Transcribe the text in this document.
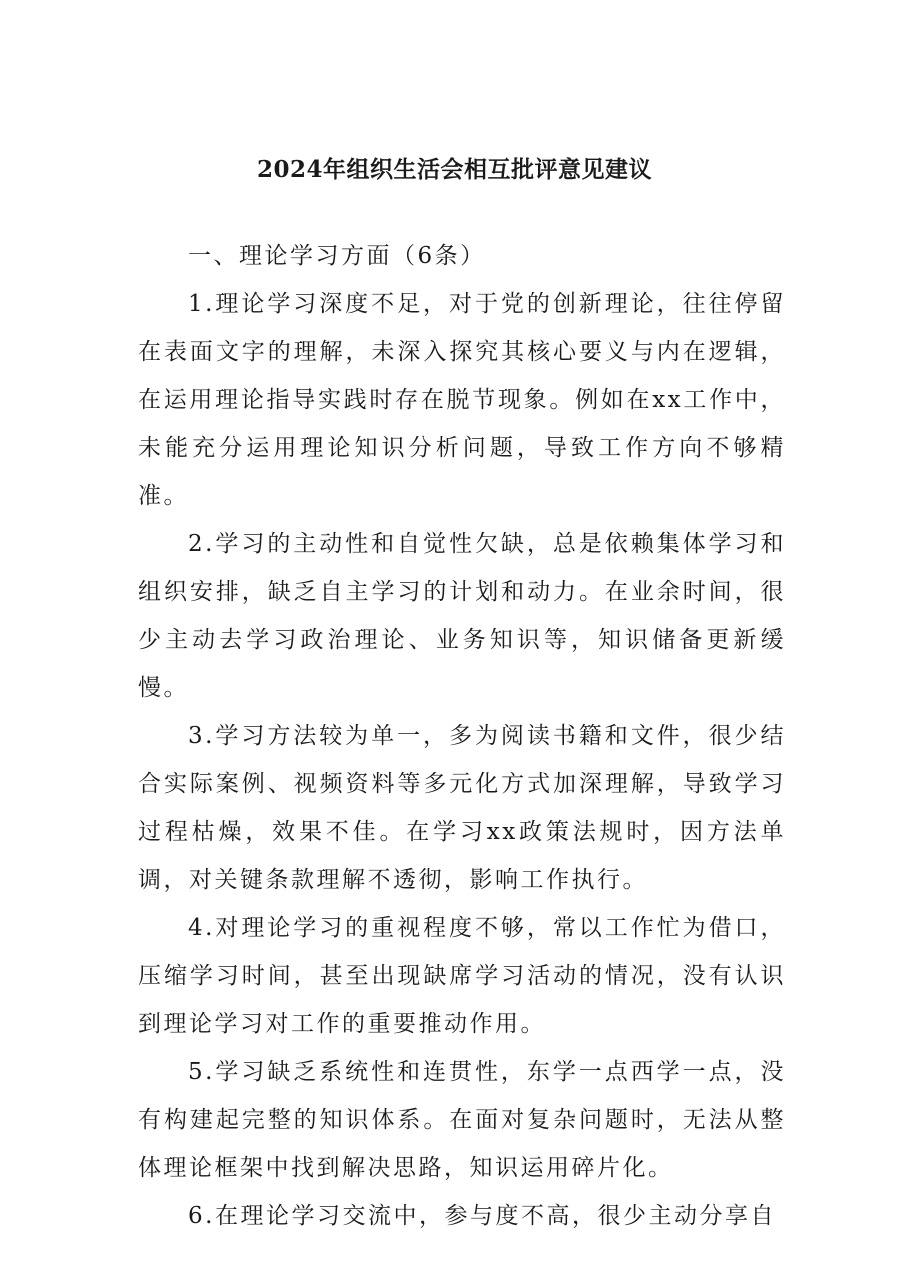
2024年组织生活会相互批评意见建议

一、理论学习方面（6条）

1.理论学习深度不足，对于党的创新理论，往往停留在表面文字的理解，未深入探究其核心要义与内在逻辑，在运用理论指导实践时存在脱节现象。例如在xx工作中，未能充分运用理论知识分析问题，导致工作方向不够精准。

2.学习的主动性和自觉性欠缺，总是依赖集体学习和组织安排，缺乏自主学习的计划和动力。在业余时间，很少主动去学习政治理论、业务知识等，知识储备更新缓慢。

3.学习方法较为单一，多为阅读书籍和文件，很少结合实际案例、视频资料等多元化方式加深理解，导致学习过程枯燥，效果不佳。在学习xx政策法规时，因方法单调，对关键条款理解不透彻，影响工作执行。

4.对理论学习的重视程度不够，常以工作忙为借口，压缩学习时间，甚至出现缺席学习活动的情况，没有认识到理论学习对工作的重要推动作用。

5.学习缺乏系统性和连贯性，东学一点西学一点，没有构建起完整的知识体系。在面对复杂问题时，无法从整体理论框架中找到解决思路，知识运用碎片化。

6.在理论学习交流中，参与度不高，很少主动分享自
